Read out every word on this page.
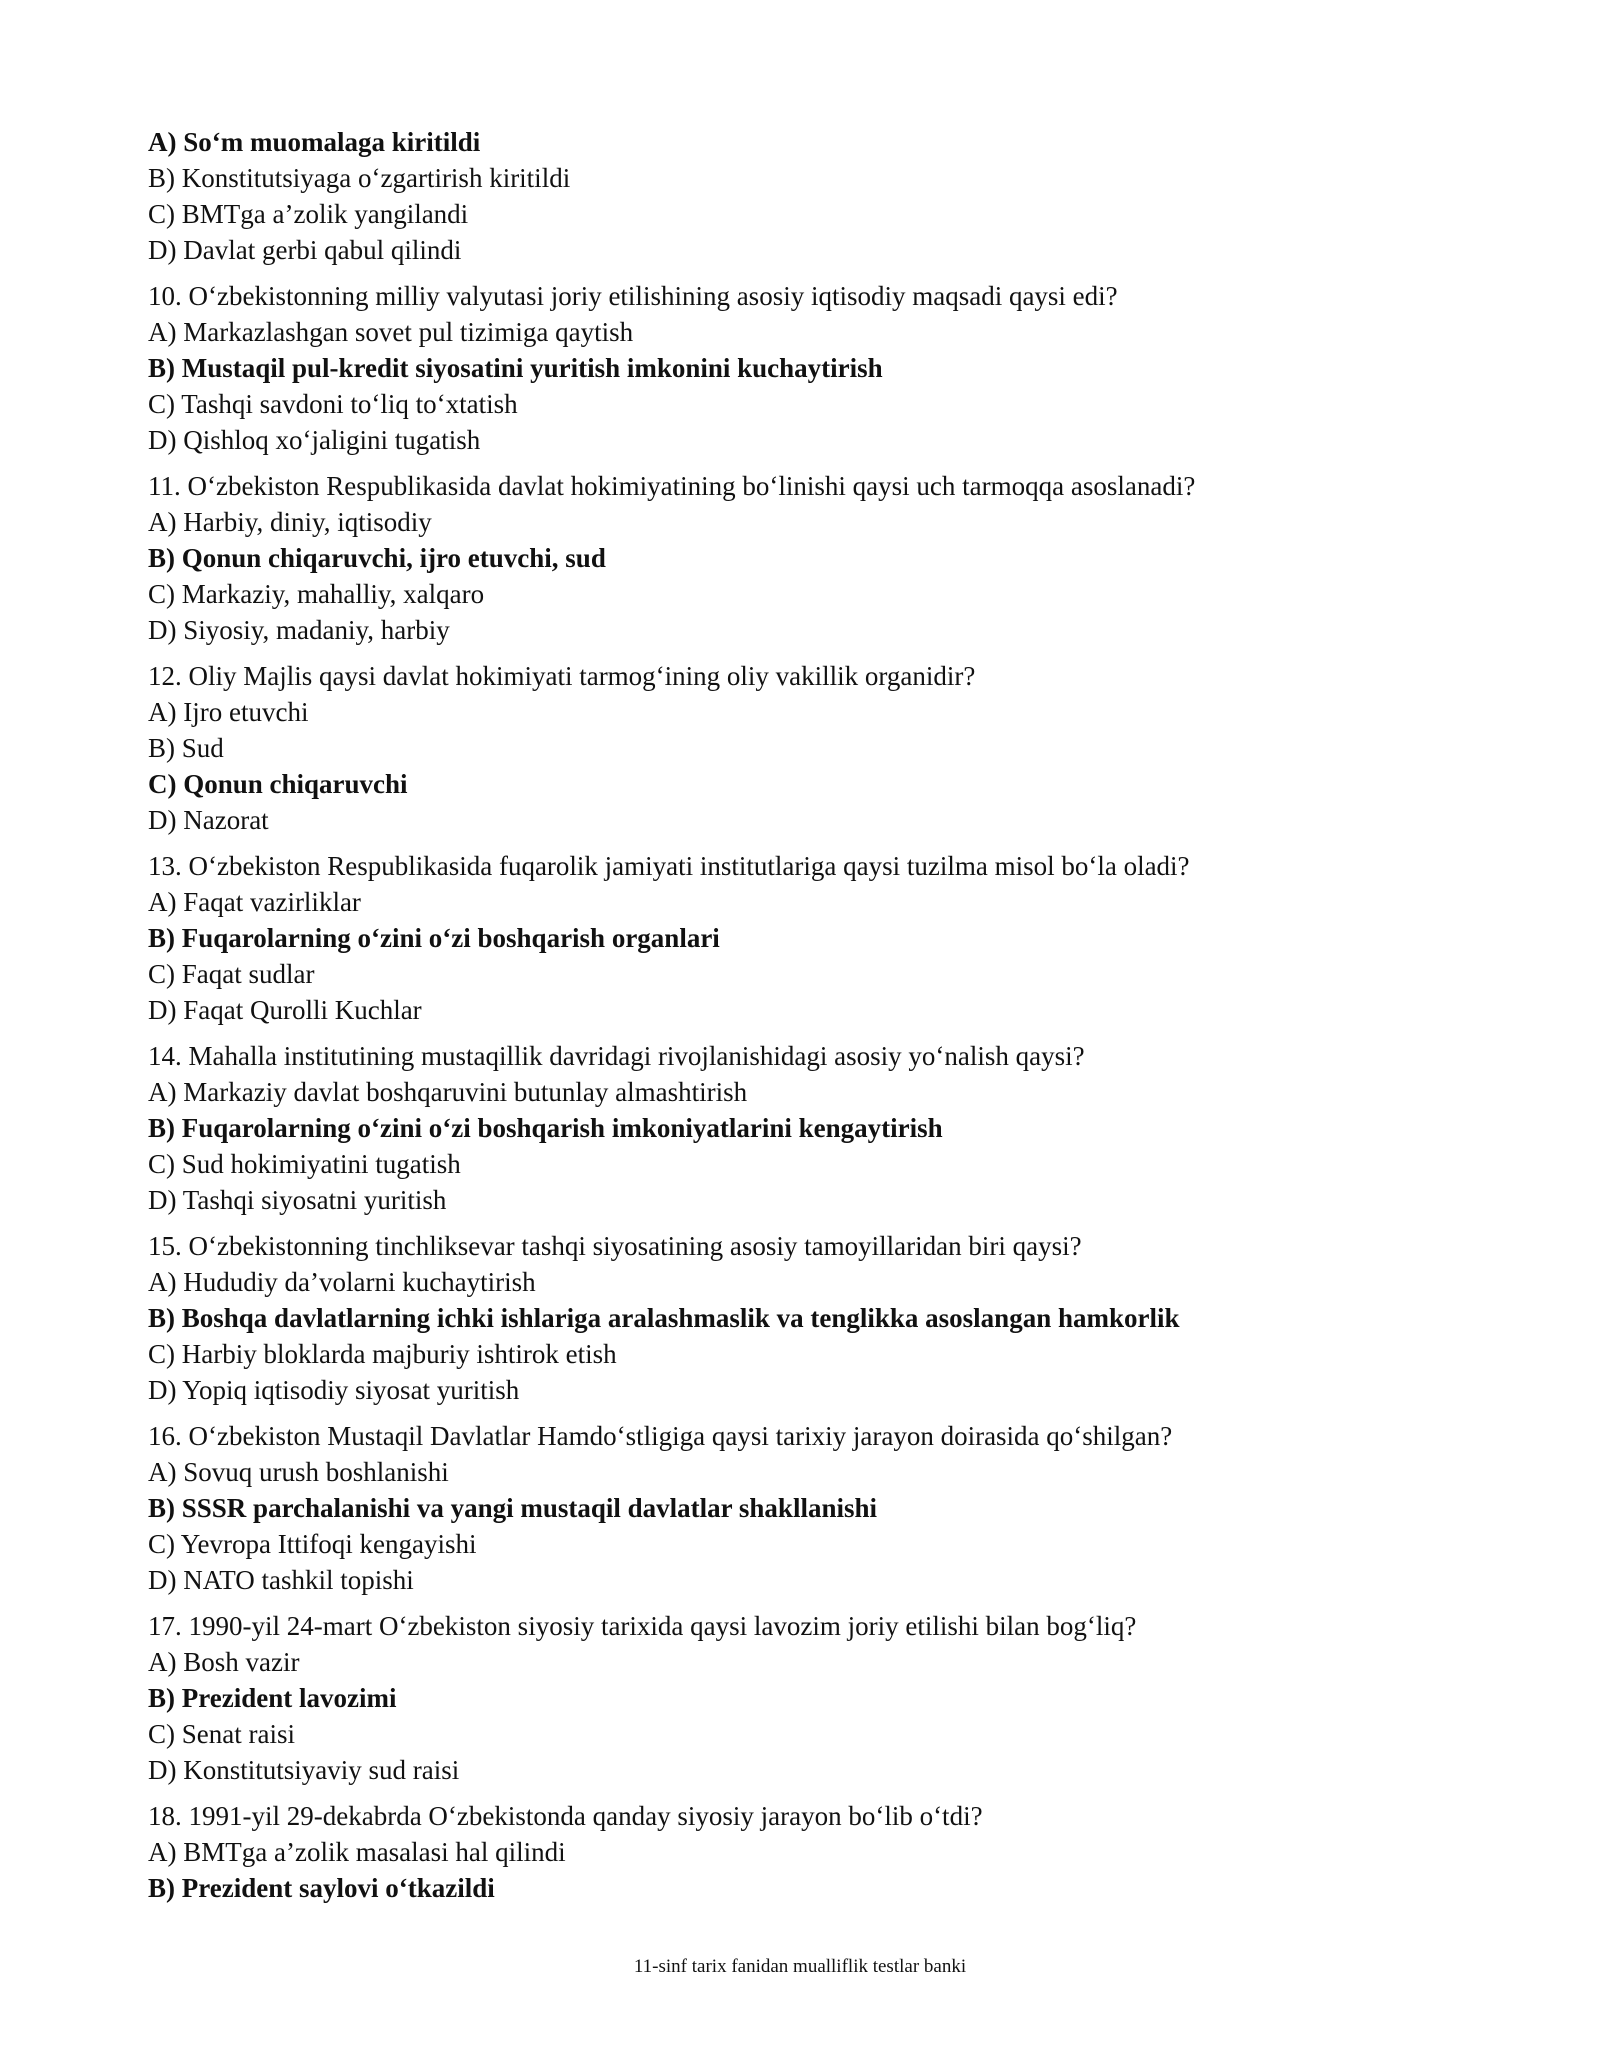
A) So‘m muomalaga kiritildi
B) Konstitutsiyaga o‘zgartirish kiritildi
C) BMTga a’zolik yangilandi
D) Davlat gerbi qabul qilindi
10. O‘zbekistonning milliy valyutasi joriy etilishining asosiy iqtisodiy maqsadi qaysi edi?
A) Markazlashgan sovet pul tizimiga qaytish
B) Mustaqil pul-kredit siyosatini yuritish imkonini kuchaytirish
C) Tashqi savdoni to‘liq to‘xtatish
D) Qishloq xo‘jaligini tugatish
11. O‘zbekiston Respublikasida davlat hokimiyatining bo‘linishi qaysi uch tarmoqqa asoslanadi?
A) Harbiy, diniy, iqtisodiy
B) Qonun chiqaruvchi, ijro etuvchi, sud
C) Markaziy, mahalliy, xalqaro
D) Siyosiy, madaniy, harbiy
12. Oliy Majlis qaysi davlat hokimiyati tarmog‘ining oliy vakillik organidir?
A) Ijro etuvchi
B) Sud
C) Qonun chiqaruvchi
D) Nazorat
13. O‘zbekiston Respublikasida fuqarolik jamiyati institutlariga qaysi tuzilma misol bo‘la oladi?
A) Faqat vazirliklar
B) Fuqarolarning o‘zini o‘zi boshqarish organlari
C) Faqat sudlar
D) Faqat Qurolli Kuchlar
14. Mahalla institutining mustaqillik davridagi rivojlanishidagi asosiy yo‘nalish qaysi?
A) Markaziy davlat boshqaruvini butunlay almashtirish
B) Fuqarolarning o‘zini o‘zi boshqarish imkoniyatlarini kengaytirish
C) Sud hokimiyatini tugatish
D) Tashqi siyosatni yuritish
15. O‘zbekistonning tinchliksevar tashqi siyosatining asosiy tamoyillaridan biri qaysi?
A) Hududiy da’volarni kuchaytirish
B) Boshqa davlatlarning ichki ishlariga aralashmaslik va tenglikka asoslangan hamkorlik
C) Harbiy bloklarda majburiy ishtirok etish
D) Yopiq iqtisodiy siyosat yuritish
16. O‘zbekiston Mustaqil Davlatlar Hamdo‘stligiga qaysi tarixiy jarayon doirasida qo‘shilgan?
A) Sovuq urush boshlanishi
B) SSSR parchalanishi va yangi mustaqil davlatlar shakllanishi
C) Yevropa Ittifoqi kengayishi
D) NATO tashkil topishi
17. 1990-yil 24-mart O‘zbekiston siyosiy tarixida qaysi lavozim joriy etilishi bilan bog‘liq?
A) Bosh vazir
B) Prezident lavozimi
C) Senat raisi
D) Konstitutsiyaviy sud raisi
18. 1991-yil 29-dekabrda O‘zbekistonda qanday siyosiy jarayon bo‘lib o‘tdi?
A) BMTga a’zolik masalasi hal qilindi
B) Prezident saylovi o‘tkazildi
11-sinf tarix fanidan mualliflik testlar banki
